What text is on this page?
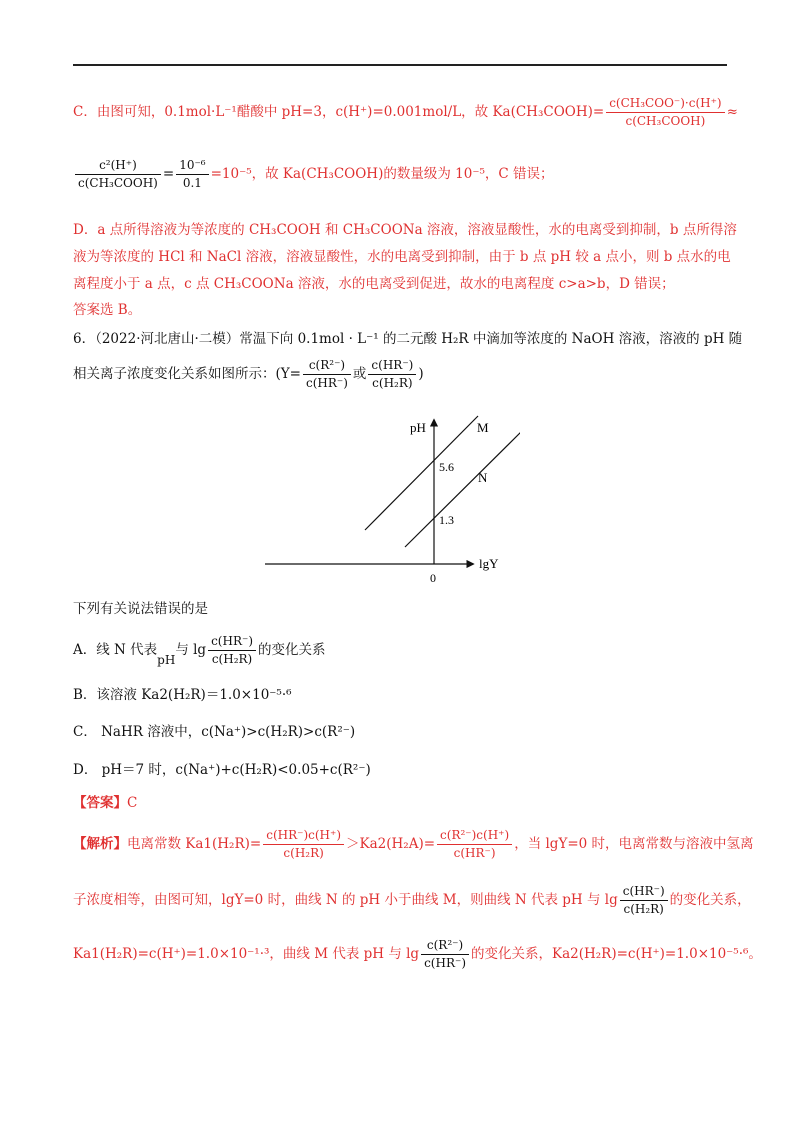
C．由图可知，0.1mol·L⁻¹醋酸中 pH=3，c(H⁺)=0.001mol/L，故 Ka(CH₃COOH)= $\frac{\text{c(CH₃COO⁻)·c(H⁺)}}{\text{c(CH₃COOH)}}$ ≈
$\frac{\text{c²(H⁺)}}{\text{c(CH₃COOH)}} = \frac{\text{10⁻⁶}}{0.1} =10^{-5}$，故 Ka(CH₃COOH)的数量级为 10⁻⁵，C 错误；
D．a 点所得溶液为等浓度的 CH₃COOH 和 CH₃COONa 溶液，溶液显酸性，水的电离受到抑制，b 点所得溶
液为等浓度的 HCl 和 NaCl 溶液，溶液显酸性，水的电离受到抑制，由于 b 点 pH 较 a 点小，则 b 点水的电
离程度小于 a 点，c 点 CH₃COONa 溶液，水的电离受到促进，故水的电离程度 c>a>b，D 错误；
答案选 B。
6．（2022·河北唐山·二模）常温下向 0.1mol · L⁻¹ 的二元酸 H₂R 中滴加等浓度的 NaOH 溶液，溶液的 pH 随
相关离子浓度变化关系如图所示：($Y= \frac{\text{c(R²⁻)}}{c(HR^-)}$ 或 $\frac{c(HR^-)}{\text{c(H₂R)}}$ )
pH
lgY
0
5.6
1.3
M
N
下列有关说法错误的是
A．线 N 代表pH与 $\lg \frac{c(HR^-)}{\text{c(H₂R)}}$ 的变化关系
B．该溶液 Ka2(H₂R)＝1.0×10⁻⁵·⁶
C． NaHR 溶液中，c(Na⁺)>c(H₂R)>c(R²⁻)
D． pH＝7 时，c(Na⁺)+c(H₂R)<0.05+c(R²⁻)
【答案】C
【解析】电离常数 $Ka1(H_2R)= \frac{c(HR^-)c(H^+)}{\text{c(H₂R)}} >Ka2(H_2A)= \frac{\text{c(R²⁻)c(H⁺)}}{c(HR^-)}$ ，当 lgY=0 时，电离常数与溶液中氢离
子浓度相等，由图可知，lgY=0 时，曲线 N 的 pH 小于曲线 M，则曲线 N 代表 pH 与 $\lg \frac{c(HR^-)}{\text{c(H₂R)}}$ 的变化关系，
Ka1(H₂R)=c(H⁺)=1.0×10⁻¹·³，曲线 M 代表 pH 与 $\lg \frac{\text{c(R²⁻)}}{c(HR^-)}$ 的变化关系，Ka2(H₂R)=c(H⁺)=1.0×10⁻⁵·⁶。
